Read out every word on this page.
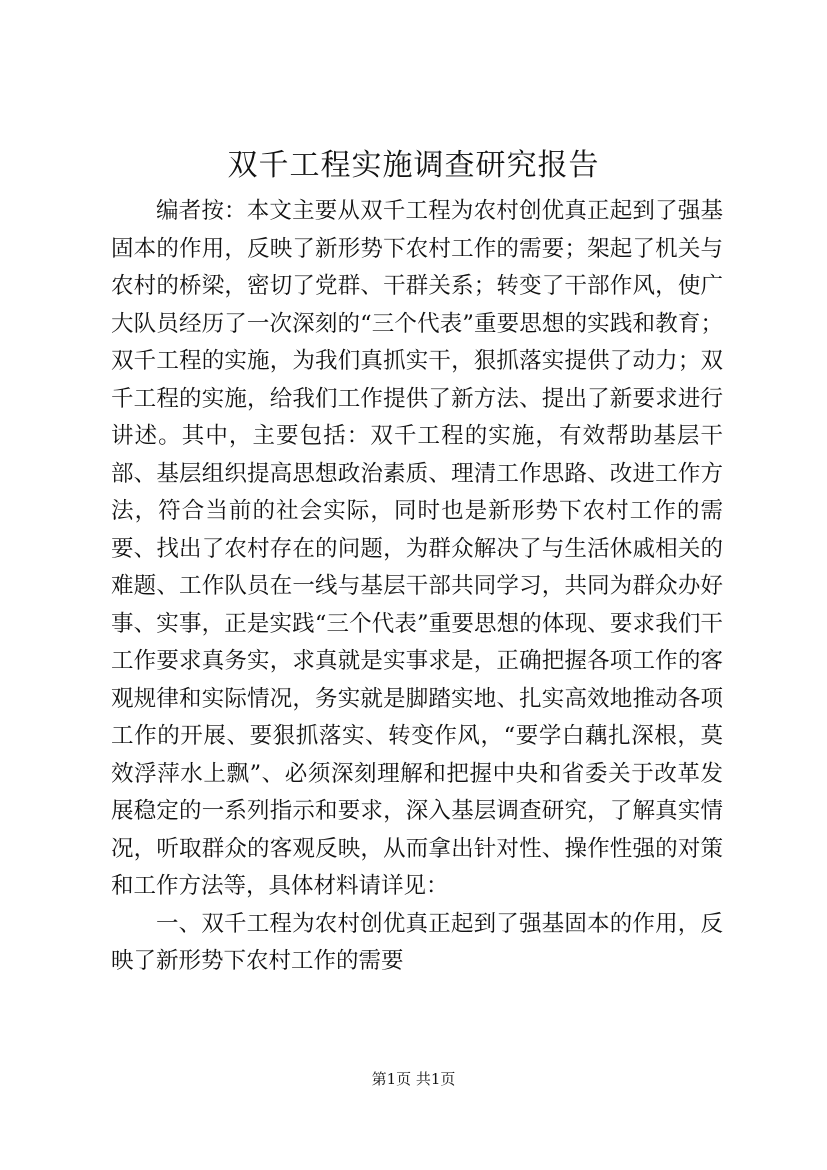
双千工程实施调查研究报告

编者按：本文主要从双千工程为农村创优真正起到了强基固本的作用，反映了新形势下农村工作的需要；架起了机关与农村的桥梁，密切了党群、干群关系；转变了干部作风，使广大队员经历了一次深刻的“三个代表”重要思想的实践和教育；双千工程的实施，为我们真抓实干，狠抓落实提供了动力；双千工程的实施，给我们工作提供了新方法、提出了新要求进行讲述。其中，主要包括：双千工程的实施，有效帮助基层干部、基层组织提高思想政治素质、理清工作思路、改进工作方法，符合当前的社会实际，同时也是新形势下农村工作的需要、找出了农村存在的问题，为群众解决了与生活休戚相关的难题、工作队员在一线与基层干部共同学习，共同为群众办好事、实事，正是实践“三个代表”重要思想的体现、要求我们干工作要求真务实，求真就是实事求是，正确把握各项工作的客观规律和实际情况，务实就是脚踏实地、扎实高效地推动各项工作的开展、要狠抓落实、转变作风，“要学白藕扎深根，莫效浮萍水上飘”、必须深刻理解和把握中央和省委关于改革发展稳定的一系列指示和要求，深入基层调查研究，了解真实情况，听取群众的客观反映，从而拿出针对性、操作性强的对策和工作方法等，具体材料请详见：

一、双千工程为农村创优真正起到了强基固本的作用，反映了新形势下农村工作的需要

第1页 共1页
